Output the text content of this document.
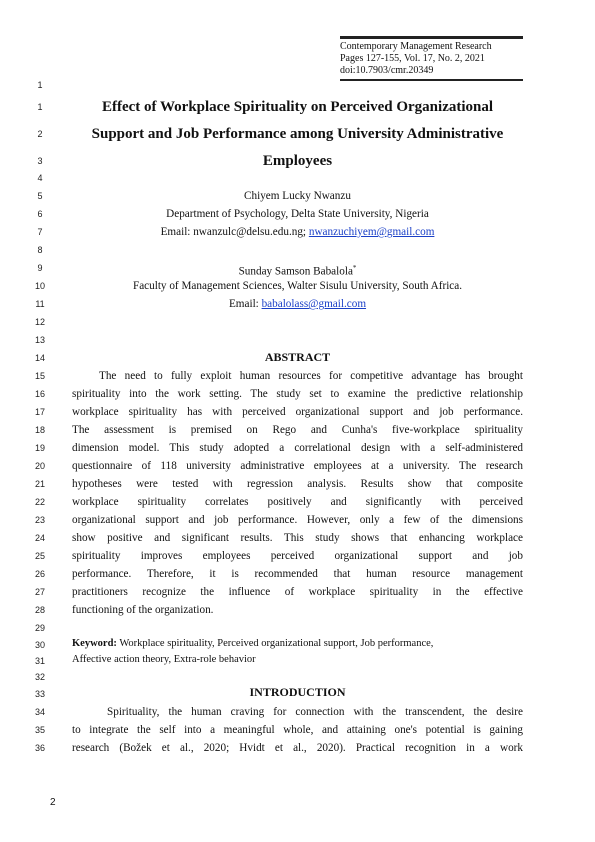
Contemporary Management Research
Pages 127-155, Vol. 17, No. 2, 2021
doi:10.7903/cmr.20349
1
1
2
3
4
5
6
7
8
9
10
11
12
13
14
15
16
17
18
19
20
21
22
23
24
25
26
27
28
29
30
31
32
33
34
35
36
Effect of Workplace Spirituality on Perceived Organizational
Support and Job Performance among University Administrative
Employees
Chiyem Lucky Nwanzu
Department of Psychology, Delta State University, Nigeria
Email: nwanzulc@delsu.edu.ng; nwanzuchiyem@gmail.com
Sunday Samson Babalola*
Faculty of Management Sciences, Walter Sisulu University, South Africa.
Email: babalolass@gmail.com
ABSTRACT
The need to fully exploit human resources for competitive advantage has brought
spirituality into the work setting. The study set to examine the predictive relationship
workplace spirituality has with perceived organizational support and job performance.
The assessment is premised on Rego and Cunha's five-workplace spirituality
dimension model. This study adopted a correlational design with a self-administered
questionnaire of 118 university administrative employees at a university. The research
hypotheses were tested with regression analysis. Results show that composite
workplace spirituality correlates positively and significantly with perceived
organizational support and job performance. However, only a few of the dimensions
show positive and significant results. This study shows that enhancing workplace
spirituality improves employees perceived organizational support and job
performance. Therefore, it is recommended that human resource management
practitioners recognize the influence of workplace spirituality in the effective
functioning of the organization.
Keyword: Workplace spirituality, Perceived organizational support, Job performance,
Affective action theory, Extra-role behavior
INTRODUCTION
Spirituality, the human craving for connection with the transcendent, the desire
to integrate the self into a meaningful whole, and attaining one's potential is gaining
research (Božek et al., 2020; Hvidt et al., 2020). Practical recognition in a work
2
